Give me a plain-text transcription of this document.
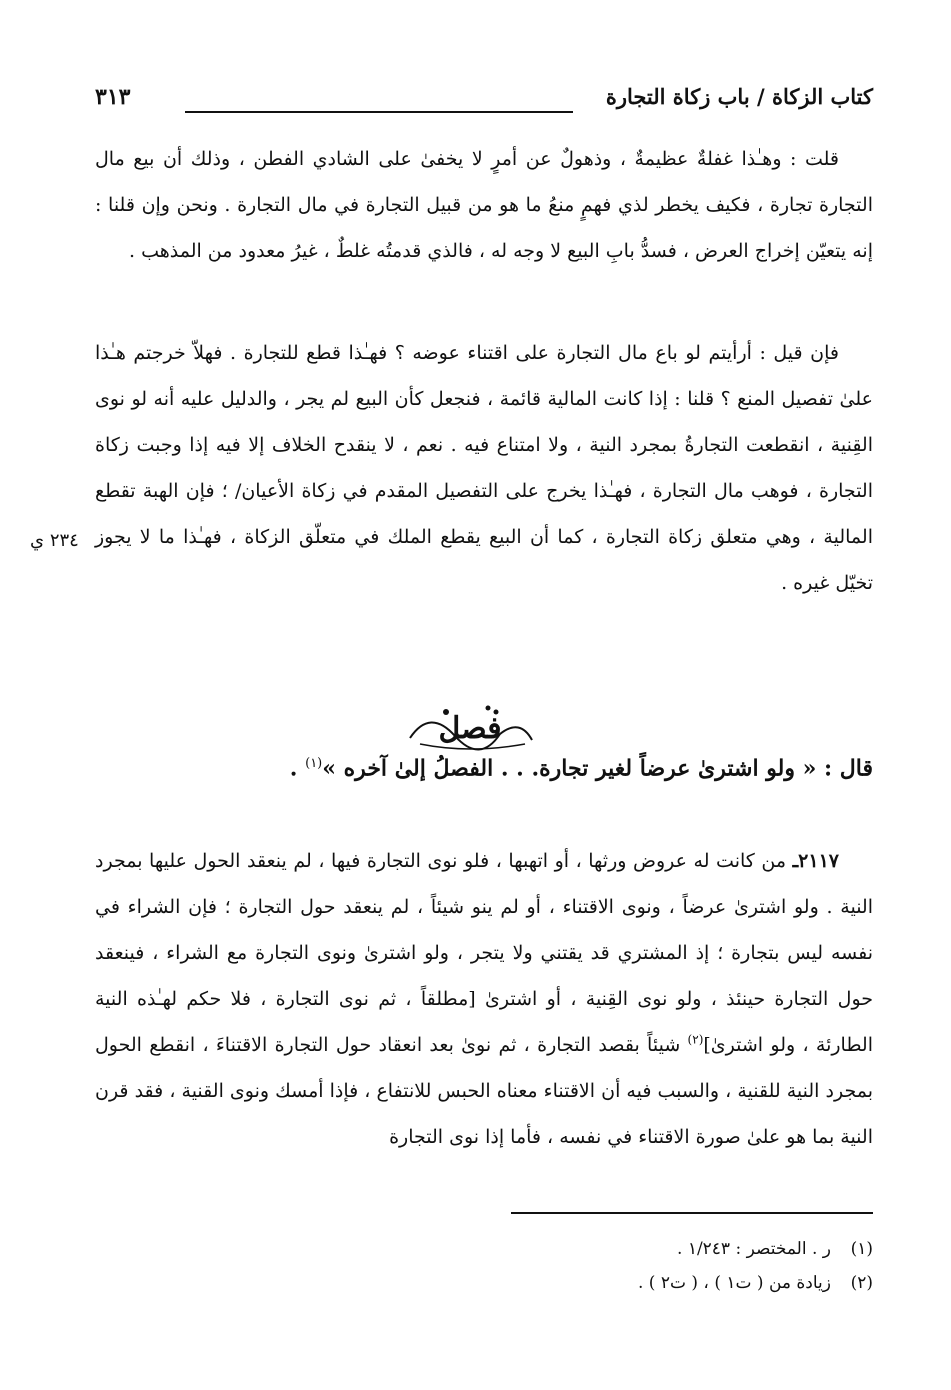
كتاب الزكاة / باب زكاة التجارة
٣١٣

قلت : وهـٰذا غفلةٌ عظيمةٌ ، وذهولٌ عن أمرٍ لا يخفىٰ على الشادي الفطن ، وذلك أن بيع مال التجارة تجارة ، فكيف يخطر لذي فهمٍ منعُ ما هو من قبيل التجارة في مال التجارة . ونحن وإن قلنا : إنه يتعيّن إخراج العرض ، فسدُّ بابِ البيع لا وجه له ، فالذي قدمتُه غلطٌ ، غيرُ معدود من المذهب .

فإن قيل : أرأيتم لو باع مال التجارة على اقتناء عوضه ؟ فهـٰذا قطع للتجارة . فهلاّ خرجتم هـٰذا علىٰ تفصيل المنع ؟ قلنا : إذا كانت المالية قائمة ، فنجعل كأن البيع لم يجر ، والدليل عليه أنه لو نوى القِنية ، انقطعت التجارةُ بمجرد النية ، ولا امتناع فيه . نعم ، لا ينقدح الخلاف إلا فيه إذا وجبت زكاة التجارة ، فوهب مال التجارة ، فهـٰذا يخرج على التفصيل المقدم في زكاة الأعيان/ ؛ فإن الهبة تقطع المالية ، وهي متعلق زكاة التجارة ، كما أن البيع يقطع الملك في متعلّق الزكاة ، فهـٰذا ما لا يجوز تخيّل غيره .

٢٣٤ ي
فصل
قال : « ولو اشترىٰ عرضاً لغير تجارة. . . الفصلُ إلىٰ آخره »$^{(١)}$ .

٢١١٧ـ من كانت له عروض ورثها ، أو اتهبها ، فلو نوى التجارة فيها ، لم ينعقد الحول عليها بمجرد النية . ولو اشترىٰ عرضاً ، ونوى الاقتناء ، أو لم ينو شيئاً ، لم ينعقد حول التجارة ؛ فإن الشراء في نفسه ليس بتجارة ؛ إذ المشتري قد يقتني ولا يتجر ، ولو اشترىٰ ونوى التجارة مع الشراء ، فينعقد حول التجارة حينئذ ، ولو نوى القِنية ، أو اشترىٰ [مطلقاً ، ثم نوى التجارة ، فلا حكم لهـٰذه النية الطارئة ، ولو اشترىٰ]$^{(٢)}$ شيئاً بقصد التجارة ، ثم نوىٰ بعد انعقاد حول التجارة الاقتناءَ ، انقطع الحول بمجرد النية للقنية ، والسبب فيه أن الاقتناء معناه الحبس للانتفاع ، فإذا أمسك ونوى القنية ، فقد قرن النية بما هو علىٰ صورة الاقتناء في نفسه ، فأما إذا نوى التجارة

(١)ر . المختصر : ١/٢٤٣ .
(٢)زيادة من ( ت١ ) ، ( ت٢ ) .
